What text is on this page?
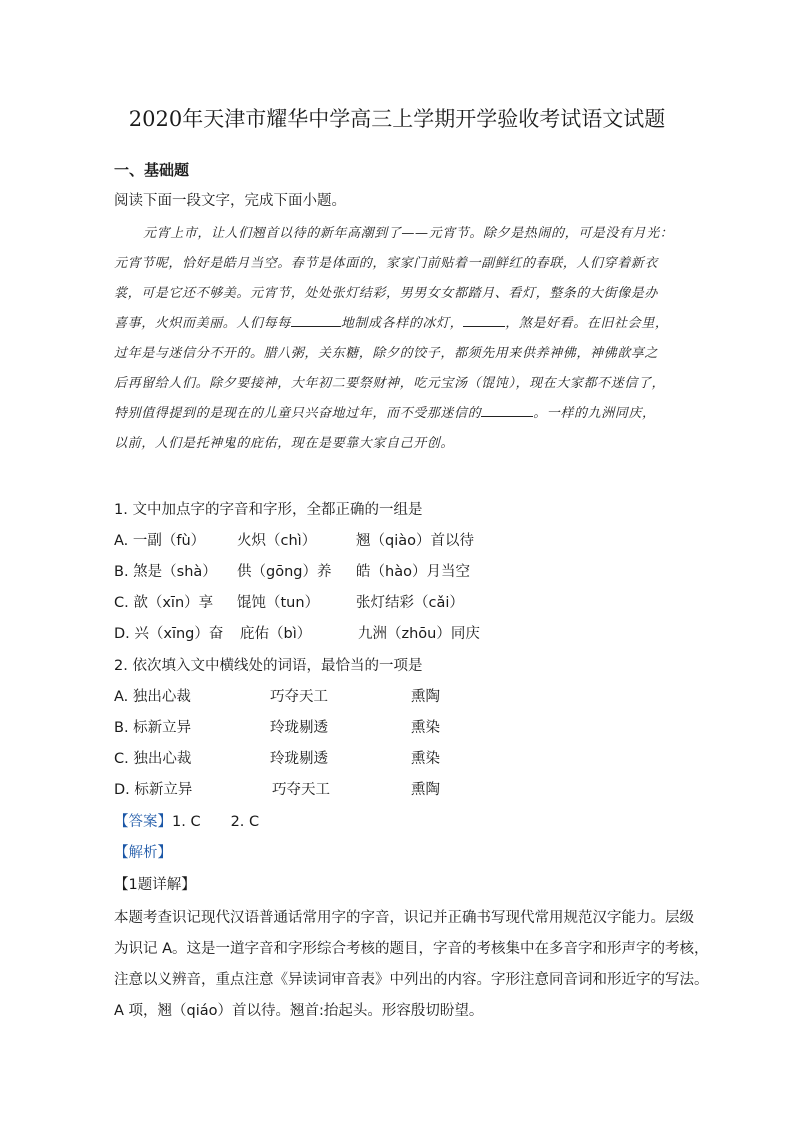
2020年天津市耀华中学高三上学期开学验收考试语文试题
一、基础题
阅读下面一段文字，完成下面小题。
元宵上市，让人们翘首以待的新年高潮到了——元宵节。除夕是热闹的，可是没有月光：
元宵节呢，恰好是皓月当空。春节是体面的，家家门前贴着一副鲜红的春联，人们穿着新衣
裳，可是它还不够美。元宵节，处处张灯结彩，男男女女都踏月、看灯，整条的大街像是办
喜事，火炽而美丽。人们每每	地制成各样的冰灯，	，煞是好看。在旧社会里，
过年是与迷信分不开的。腊八粥，关东糖，除夕的饺子，都须先用来供养神佛，神佛歆享之
后再留给人们。除夕要接神，大年初二要祭财神，吃元宝汤（馄饨），现在大家都不迷信了，
特别值得提到的是现在的儿童只兴奋地过年，而不受那迷信的	。一样的九洲同庆，
以前，人们是托神鬼的庇佑，现在是要靠大家自己开创。
1. 文中加点字的字音和字形，全都正确的一组是
A. 一副（fù） 火炽（chì）	翘（qiào）首以待
B. 煞是（shà） 供（gōng）养 皓（hào）月当空
C. 歆（xīn）享 馄饨（tun）	张灯结彩（cǎi）
D. 兴（xīng）奋 庇佑（bì）	九洲（zhōu）同庆
2. 依次填入文中横线处的词语，最恰当的一项是
A. 独出心裁	巧夺天工	熏陶
B. 标新立异	玲珑剔透	熏染
C. 独出心裁	玲珑剔透	熏染
D. 标新立异	巧夺天工	熏陶
【答案】1. C 2. C
【解析】
【1题详解】
本题考查识记现代汉语普通话常用字的字音，识记并正确书写现代常用规范汉字能力。层级
为识记 A。这是一道字音和字形综合考核的题目，字音的考核集中在多音字和形声字的考核，
注意以义辨音，重点注意《异读词审音表》中列出的内容。字形注意同音词和形近字的写法。
A 项，翘（qiáo）首以待。翘首:抬起头。形容殷切盼望。
